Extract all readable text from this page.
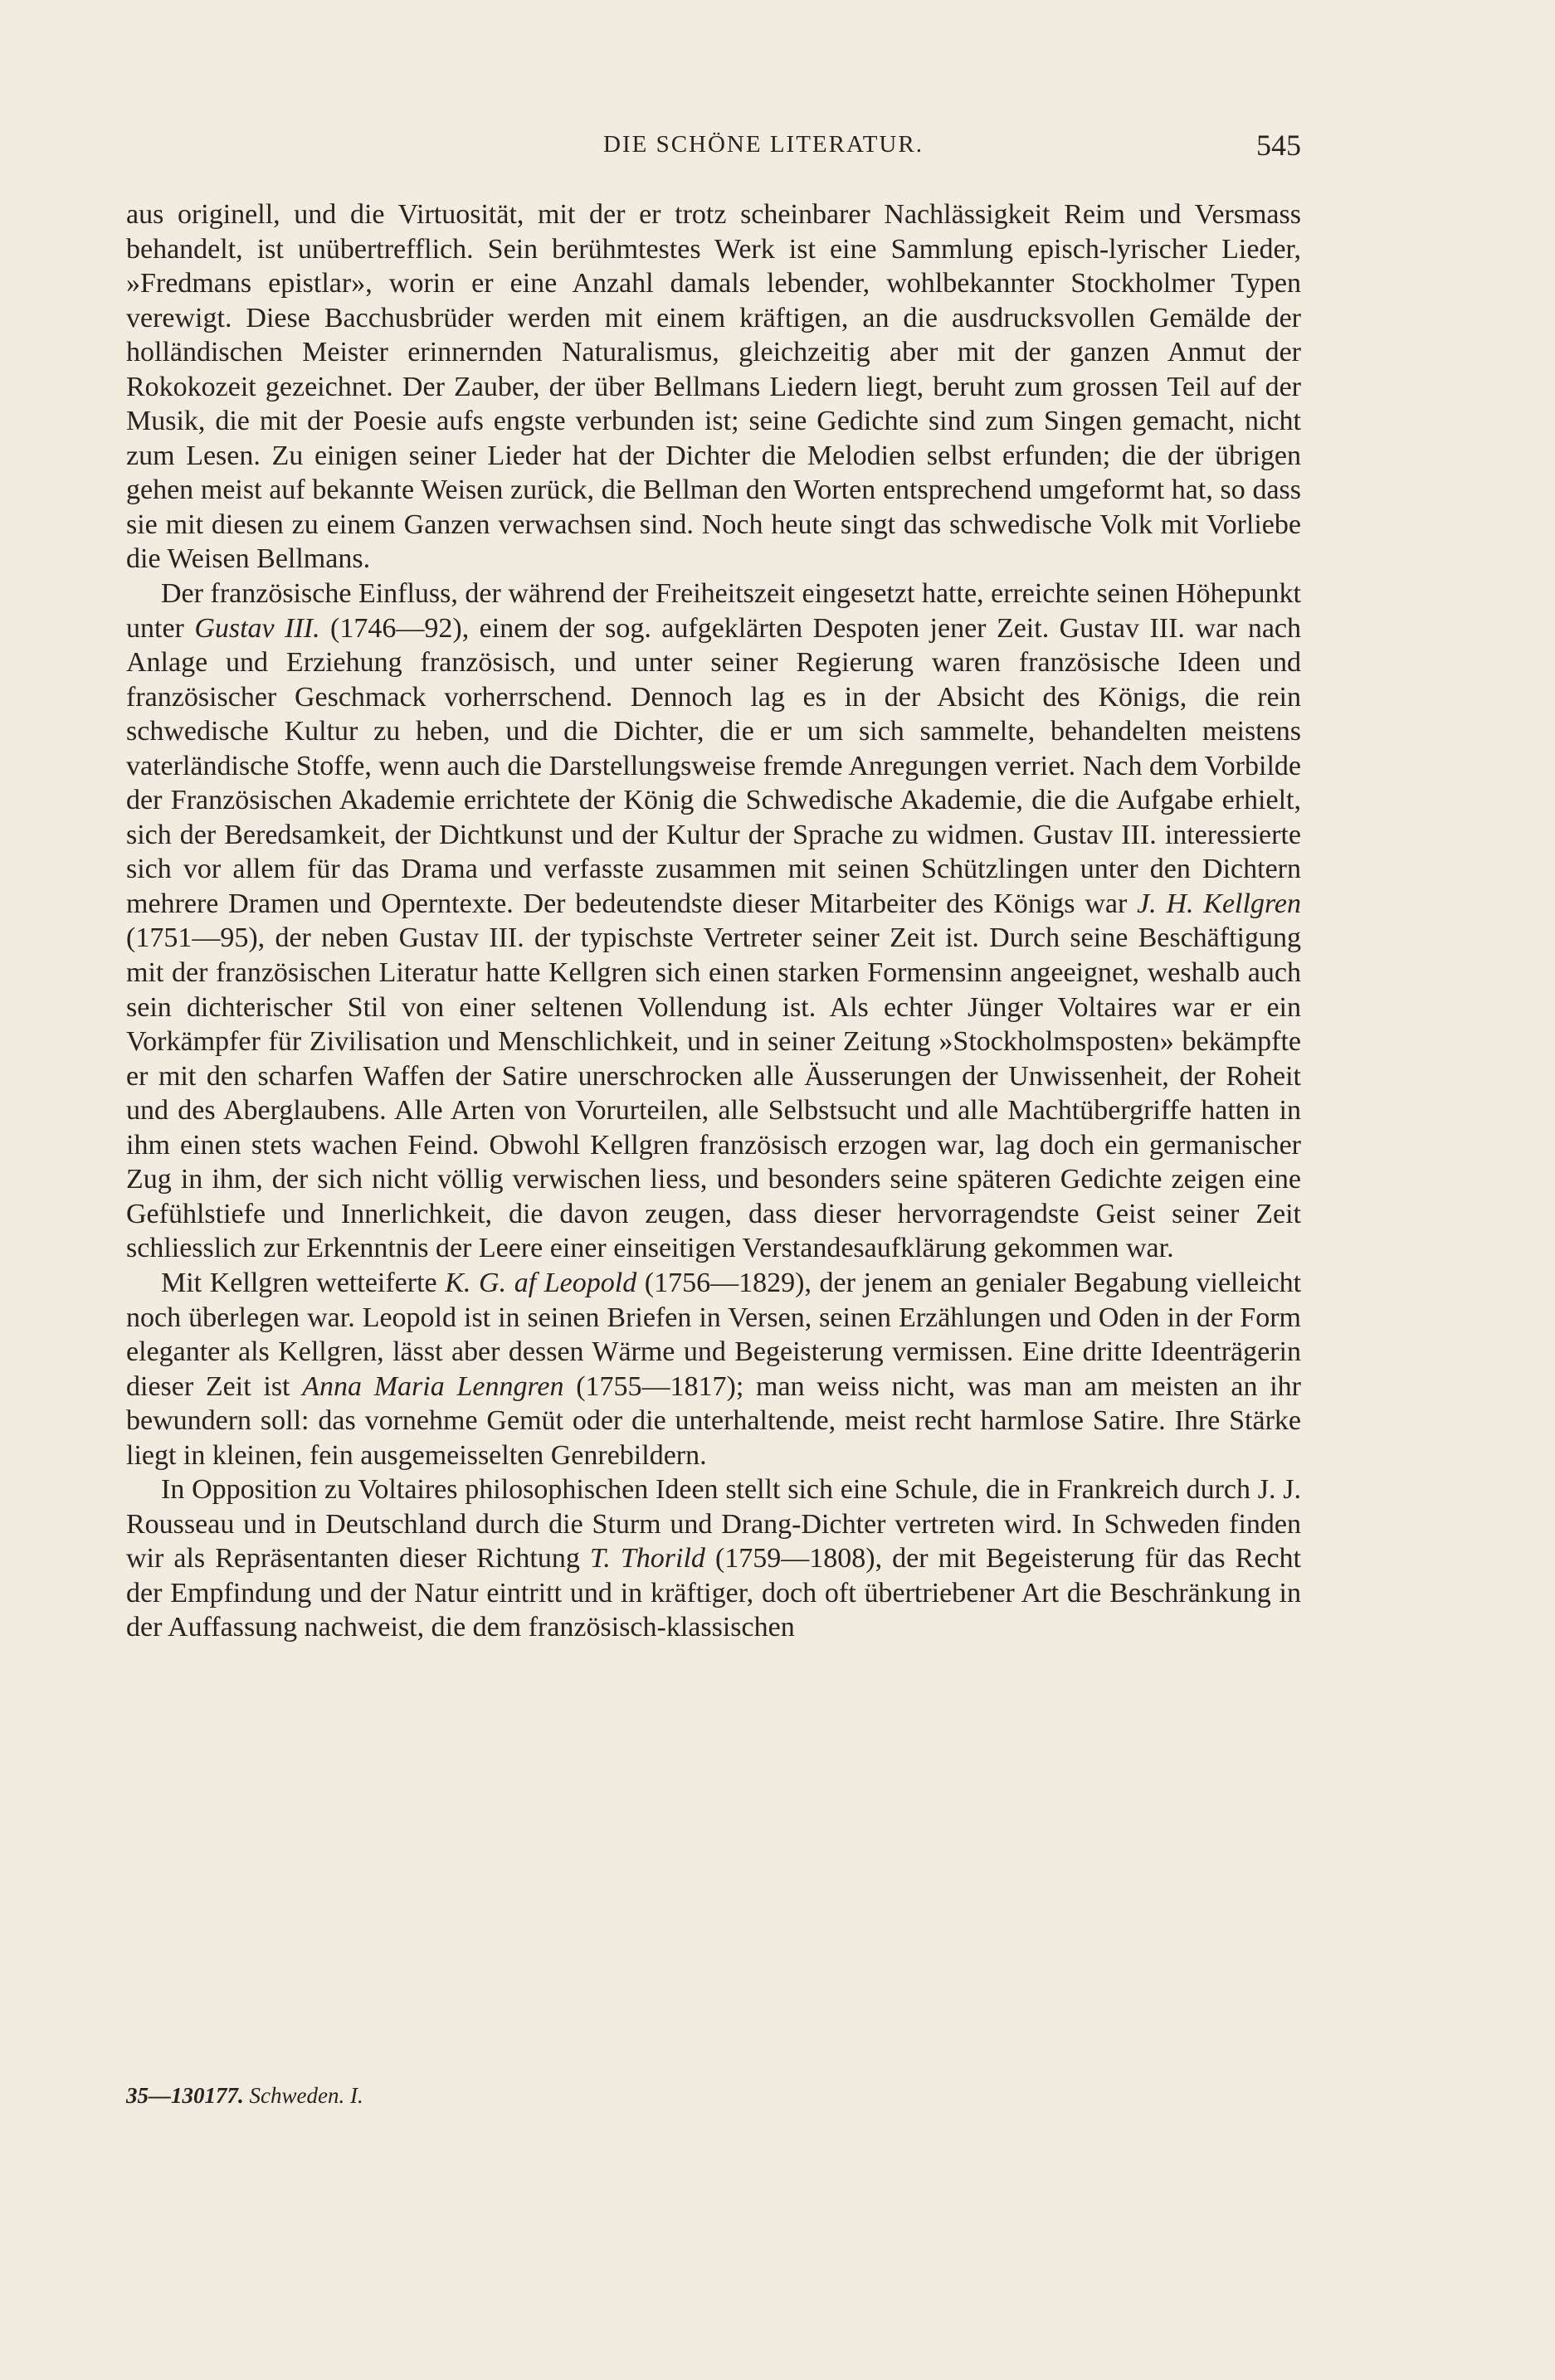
DIE SCHÖNE LITERATUR.	545

aus originell, und die Virtuosität, mit der er trotz scheinbarer Nachlässigkeit Reim und Versmass behandelt, ist unübertrefflich. Sein berühmtestes Werk ist eine Sammlung episch-lyrischer Lieder, »Fredmans epistlar», worin er eine Anzahl damals lebender, wohlbekannter Stockholmer Typen verewigt. Diese Bacchusbrüder werden mit einem kräftigen, an die ausdrucksvollen Gemälde der holländischen Meister erinnernden Naturalismus, gleichzeitig aber mit der ganzen Anmut der Rokokozeit gezeichnet. Der Zauber, der über Bellmans Liedern liegt, beruht zum grossen Teil auf der Musik, die mit der Poesie aufs engste verbunden ist; seine Gedichte sind zum Singen gemacht, nicht zum Lesen. Zu einigen seiner Lieder hat der Dichter die Melodien selbst erfunden; die der übrigen gehen meist auf bekannte Weisen zurück, die Bellman den Worten entsprechend umgeformt hat, so dass sie mit diesen zu einem Ganzen verwachsen sind. Noch heute singt das schwedische Volk mit Vorliebe die Weisen Bellmans.

Der französische Einfluss, der während der Freiheitszeit eingesetzt hatte, erreichte seinen Höhepunkt unter Gustav III. (1746—92), einem der sog. aufgeklärten Despoten jener Zeit. Gustav III. war nach Anlage und Erziehung französisch, und unter seiner Regierung waren französische Ideen und französischer Geschmack vorherrschend. Dennoch lag es in der Absicht des Königs, die rein schwedische Kultur zu heben, und die Dichter, die er um sich sammelte, behandelten meistens vaterländische Stoffe, wenn auch die Darstellungsweise fremde Anregungen verriet. Nach dem Vorbilde der Französischen Akademie errichtete der König die Schwedische Akademie, die die Aufgabe erhielt, sich der Beredsamkeit, der Dichtkunst und der Kultur der Sprache zu widmen. Gustav III. interessierte sich vor allem für das Drama und verfasste zusammen mit seinen Schützlingen unter den Dichtern mehrere Dramen und Operntexte. Der bedeutendste dieser Mitarbeiter des Königs war J. H. Kellgren (1751—95), der neben Gustav III. der typischste Vertreter seiner Zeit ist. Durch seine Beschäftigung mit der französischen Literatur hatte Kellgren sich einen starken Formensinn angeeignet, weshalb auch sein dichterischer Stil von einer seltenen Vollendung ist. Als echter Jünger Voltaires war er ein Vorkämpfer für Zivilisation und Menschlichkeit, und in seiner Zeitung »Stockholmsposten» bekämpfte er mit den scharfen Waffen der Satire unerschrocken alle Äusserungen der Unwissenheit, der Roheit und des Aberglaubens. Alle Arten von Vorurteilen, alle Selbstsucht und alle Machtübergriffe hatten in ihm einen stets wachen Feind. Obwohl Kellgren französisch erzogen war, lag doch ein germanischer Zug in ihm, der sich nicht völlig verwischen liess, und besonders seine späteren Gedichte zeigen eine Gefühlstiefe und Innerlichkeit, die davon zeugen, dass dieser hervorragendste Geist seiner Zeit schliesslich zur Erkenntnis der Leere einer einseitigen Verstandesaufklärung gekommen war.

Mit Kellgren wetteiferte K. G. af Leopold (1756—1829), der jenem an genialer Begabung vielleicht noch überlegen war. Leopold ist in seinen Briefen in Versen, seinen Erzählungen und Oden in der Form eleganter als Kellgren, lässt aber dessen Wärme und Begeisterung vermissen. Eine dritte Ideenträgerin dieser Zeit ist Anna Maria Lenngren (1755—1817); man weiss nicht, was man am meisten an ihr bewundern soll: das vornehme Gemüt oder die unterhaltende, meist recht harmlose Satire. Ihre Stärke liegt in kleinen, fein ausgemeisselten Genrebildern.

In Opposition zu Voltaires philosophischen Ideen stellt sich eine Schule, die in Frankreich durch J. J. Rousseau und in Deutschland durch die Sturm und Drang-Dichter vertreten wird. In Schweden finden wir als Repräsentanten dieser Richtung T. Thorild (1759—1808), der mit Begeisterung für das Recht der Empfindung und der Natur eintritt und in kräftiger, doch oft übertriebener Art die Beschränkung in der Auffassung nachweist, die dem französisch-klassischen

35—130177. Schweden. I.
